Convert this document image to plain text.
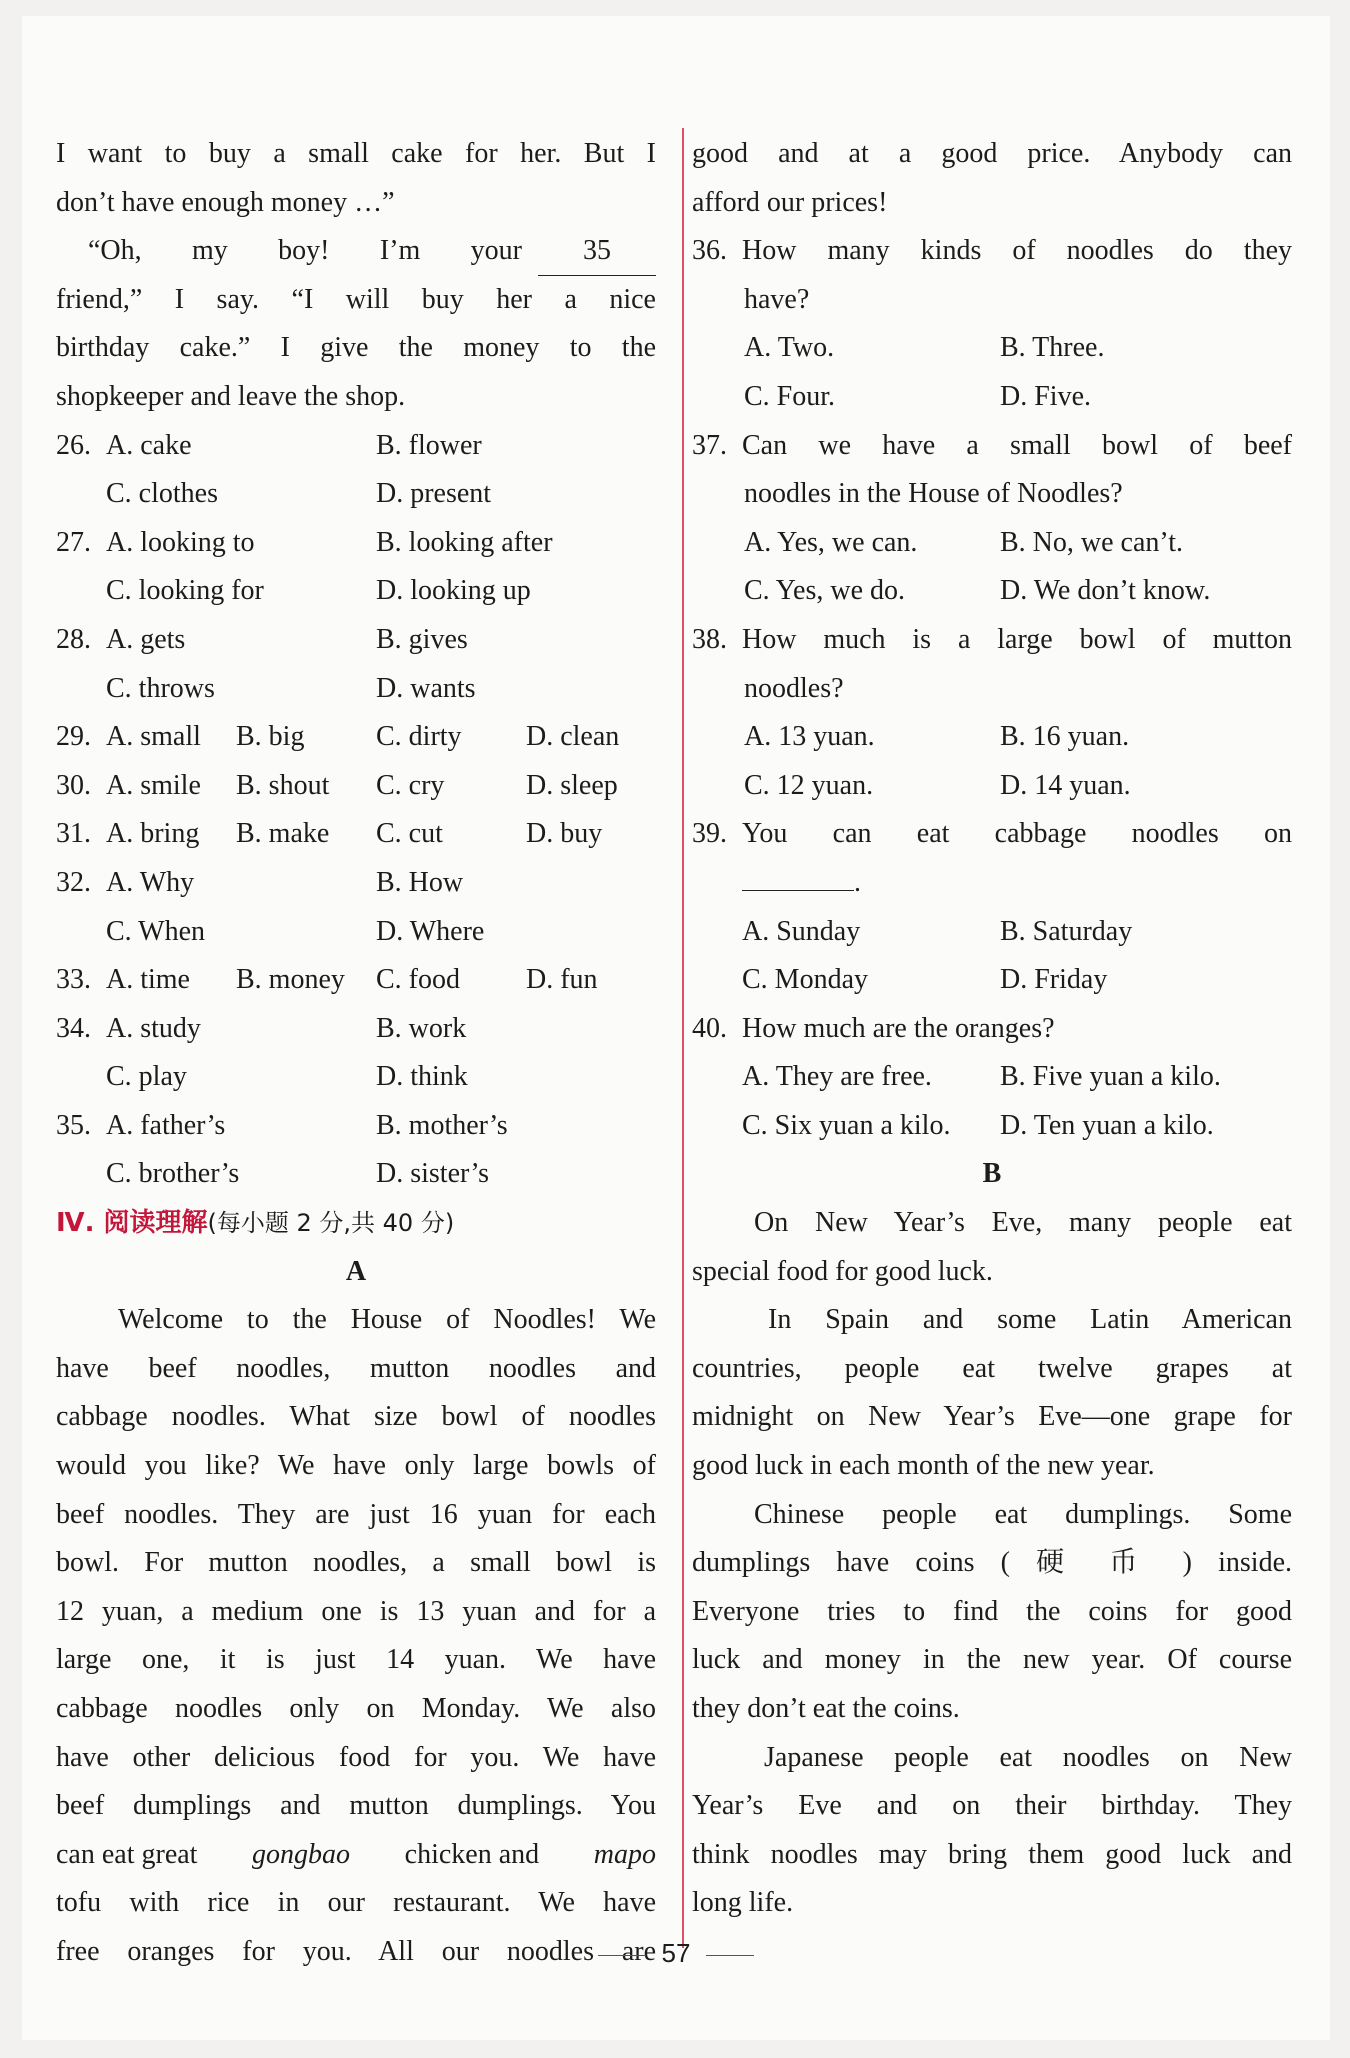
I want to buy a small cake for her. But I
don’t have enough money …”
“Oh, my boy! I’m your	35
friend,” I say. “I will buy her a nice
birthday cake.” I give the money to the
shopkeeper and leave the shop.
26. A. cake	B. flower
C. clothes	D. present
27. A. looking to	B. looking after
C. looking for	D. looking up
28. A. gets	B. gives
C. throws	D. wants
29. A. small B. big	C. dirty D. clean
30. A. smile B. shout C. cry	D. sleep
31. A. bring B. make C. cut	D. buy
32. A. Why	B. How
C. When	D. Where
33. A. time B. money C. food D. fun
34. A. study	B. work
C. play	D. think
35. A. father’s	B. mother’s
C. brother’s	D. sister’s
Ⅳ. 阅读理解(每小题 2 分,共 40 分)
A
Welcome to the House of Noodles! We
have beef noodles, mutton noodles and
cabbage noodles. What size bowl of noodles
would you like? We have only large bowls of
beef noodles. They are just 16 yuan for each
bowl. For mutton noodles, a small bowl is
12 yuan, a medium one is 13 yuan and for a
large one, it is just 14 yuan. We have
cabbage noodles only on Monday. We also
have other delicious food for you. We have
beef dumplings and mutton dumplings. You
can eat great gongbao chicken and mapo
tofu with rice in our restaurant. We have
free oranges for you. All our noodles are
good and at a good price. Anybody can
afford our prices!
36. How many kinds of noodles do they
have?
A. Two.	B. Three.
C. Four.	D. Five.
37. Can we have a small bowl of beef
noodles in the House of Noodles?
A. Yes, we can.	B. No, we can’t.
C. Yes, we do.	D. We don’t know.
38. How much is a large bowl of mutton
noodles?
A. 13 yuan.	B. 16 yuan.
C. 12 yuan.	D. 14 yuan.
39. You can eat cabbage noodles on
.
A. Sunday	B. Saturday
C. Monday	D. Friday
40. How much are the oranges?
A. They are free. B. Five yuan a kilo.
C. Six yuan a kilo. D. Ten yuan a kilo.
B
On New Year’s Eve, many people eat
special food for good luck.
In Spain and some Latin American
countries, people eat twelve grapes at
midnight on New Year’s Eve—one grape for
good luck in each month of the new year.
Chinese people eat dumplings. Some
dumplings have coins ( 硬 币 ) inside.
Everyone tries to find the coins for good
luck and money in the new year. Of course
they don’t eat the coins.
Japanese people eat noodles on New
Year’s Eve and on their birthday. They
think noodles may bring them good luck and
long life.
57
